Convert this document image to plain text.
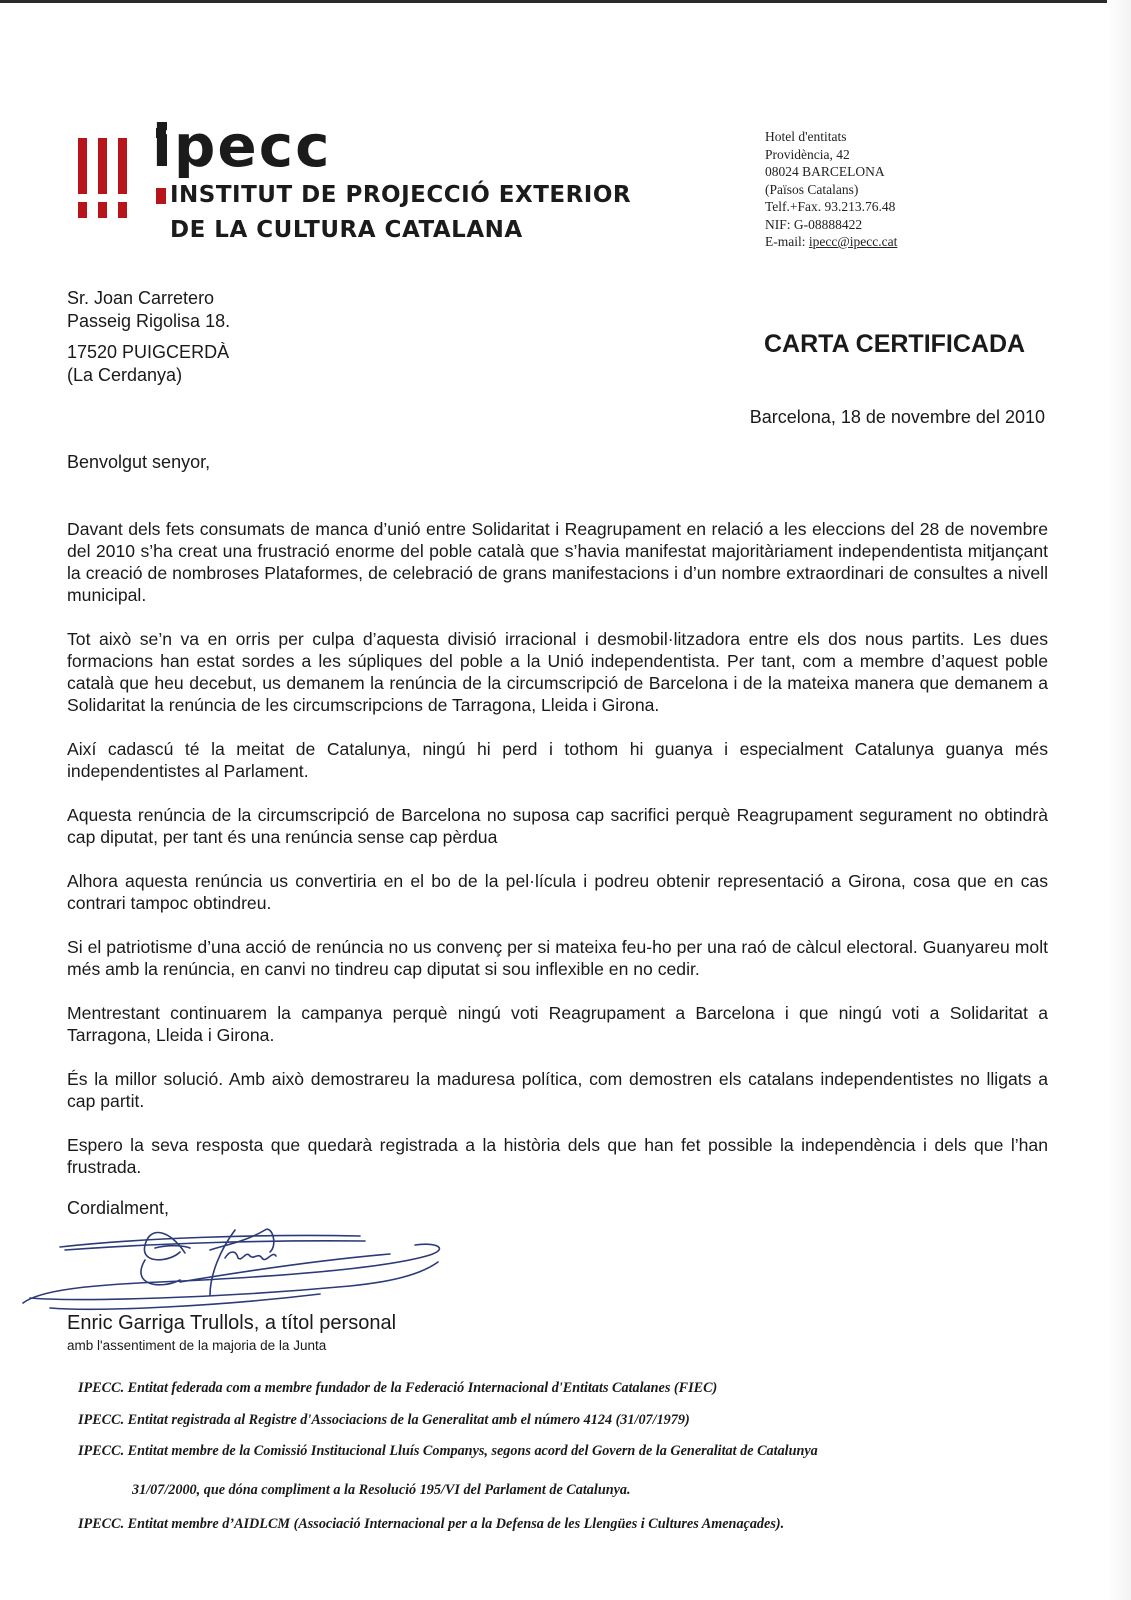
ipecc
INSTITUT DE PROJECCIÓ EXTERIOR
DE LA CULTURA CATALANA
Hotel d'entitats
Providència, 42
08024 BARCELONA
(Països Catalans)
Telf.+Fax. 93.213.76.48
NIF: G-08888422
E-mail: ipecc@ipecc.cat
Sr. Joan Carretero
Passeig Rigolisa 18.
17520 PUIGCERDÀ
(La Cerdanya)
CARTA CERTIFICADA
Barcelona, 18 de novembre del 2010
Benvolgut senyor,

Davant dels fets consumats de manca d’unió entre Solidaritat i Reagrupament en relació a les eleccions del 28 de novembre del 2010 s’ha creat una frustració enorme del poble català que s’havia manifestat majoritàriament independentista mitjançant la creació de nombroses Plataformes, de celebració de grans manifestacions i d’un nombre extraordinari de consultes a nivell municipal.

Tot això se’n va en orris per culpa d’aquesta divisió irracional i desmobil·litzadora entre els dos nous partits. Les dues formacions han estat sordes a les súpliques del poble a la Unió independentista. Per tant, com a membre d’aquest poble català que heu decebut, us demanem la renúncia de la circumscripció de Barcelona i de la mateixa manera que demanem a Solidaritat la renúncia de les circumscripcions de Tarragona, Lleida i Girona.

Així cadascú té la meitat de Catalunya, ningú hi perd i tothom hi guanya i especialment Catalunya guanya més independentistes al Parlament.

Aquesta renúncia de la circumscripció de Barcelona no suposa cap sacrifici perquè Reagrupament segurament no obtindrà cap diputat, per tant és una renúncia sense cap pèrdua

Alhora aquesta renúncia us convertiria en el bo de la pel·lícula i podreu obtenir representació a Girona, cosa que en cas contrari tampoc obtindreu.

Si el patriotisme d’una acció de renúncia no us convenç per si mateixa feu-ho per una raó de càlcul electoral. Guanyareu molt més amb la renúncia, en canvi no tindreu cap diputat si sou inflexible en no cedir.

Mentrestant continuarem la campanya perquè ningú voti Reagrupament a Barcelona i que ningú voti a Solidaritat a Tarragona, Lleida i Girona.

És la millor solució. Amb això demostrareu la maduresa política, com demostren els catalans independentistes no lligats a cap partit.

Espero la seva resposta que quedarà registrada a la història dels que han fet possible la independència i dels que l’han frustrada.

Cordialment,
Enric Garriga Trullols, a títol personal
amb l'assentiment de la majoria de la Junta
IPECC. Entitat federada com a membre fundador de la Federació Internacional d'Entitats Catalanes (FIEC)
IPECC. Entitat registrada al Registre d'Associacions de la Generalitat amb el número 4124 (31/07/1979)
IPECC. Entitat membre de la Comissió Institucional Lluís Companys, segons acord del Govern de la Generalitat de Catalunya
31/07/2000, que dóna compliment a la Resolució 195/VI del Parlament de Catalunya.
IPECC. Entitat membre d’AIDLCM (Associació Internacional per a la Defensa de les Llengües i Cultures Amenaçades).
